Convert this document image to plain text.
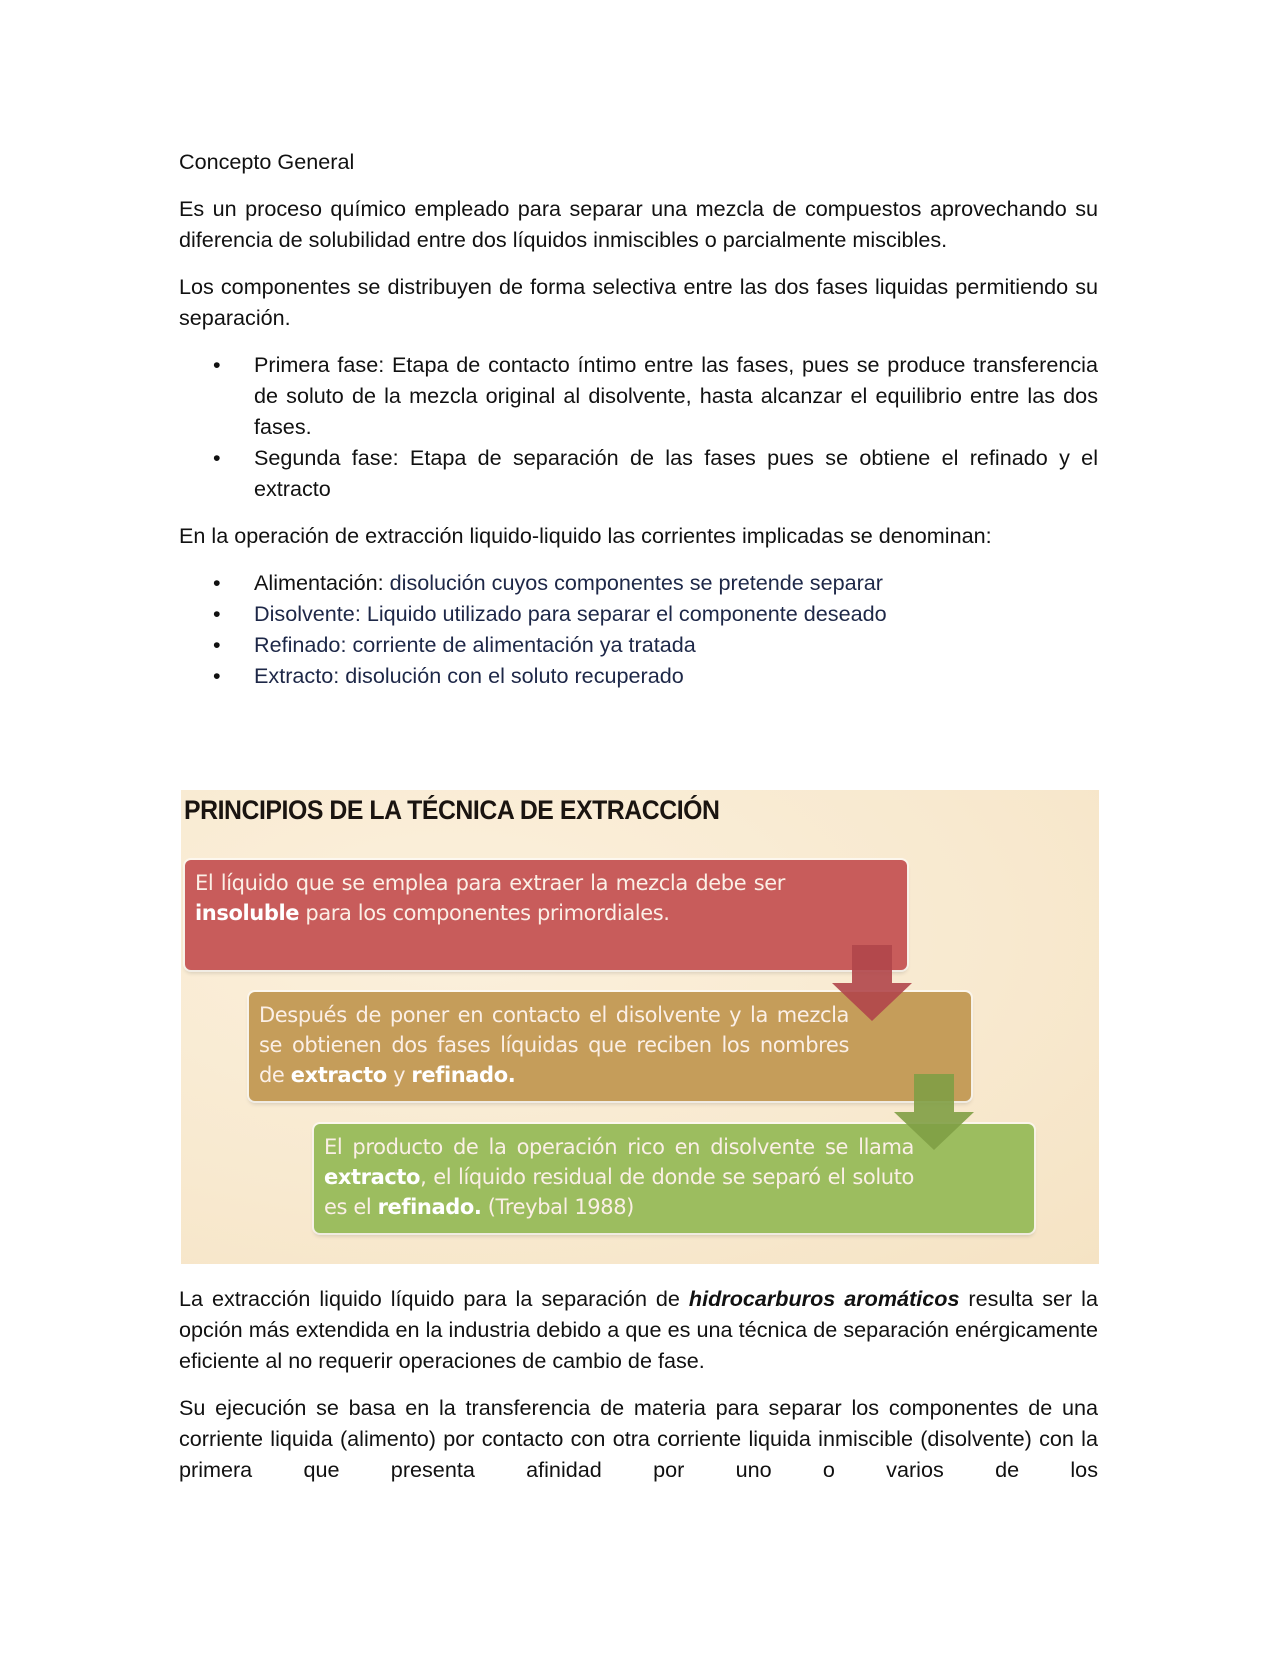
Concepto General

Es un proceso químico empleado para separar una mezcla de compuestos aprovechando su diferencia de solubilidad entre dos líquidos inmiscibles o parcialmente miscibles.

Los componentes se distribuyen de forma selectiva entre las dos fases liquidas permitiendo su separación.

• Primera fase: Etapa de contacto íntimo entre las fases, pues se produce transferencia de soluto de la mezcla original al disolvente, hasta alcanzar el equilibrio entre las dos fases.
• Segunda fase: Etapa de separación de las fases pues se obtiene el refinado y el extracto

En la operación de extracción liquido-liquido las corrientes implicadas se denominan:

• Alimentación: disolución cuyos componentes se pretende separar
• Disolvente: Liquido utilizado para separar el componente deseado
• Refinado: corriente de alimentación ya tratada
• Extracto: disolución con el soluto recuperado
PRINCIPIOS DE LA TÉCNICA DE EXTRACCIÓN
El líquido que se emplea para extraer la mezcla debe ser insoluble para los componentes primordiales.
Después de poner en contacto el disolvente y la mezcla se obtienen dos fases líquidas que reciben los nombres de extracto y refinado.
El producto de la operación rico en disolvente se llama extracto, el líquido residual de donde se separó el soluto es el refinado. (Treybal 1988)

La extracción liquido líquido para la separación de hidrocarburos aromáticos resulta ser la opción más extendida en la industria debido a que es una técnica de separación enérgicamente eficiente al no requerir operaciones de cambio de fase.

Su ejecución se basa en la transferencia de materia para separar los componentes de una corriente liquida (alimento) por contacto con otra corriente liquida inmiscible (disolvente) con la primera que presenta afinidad por uno o varios de los
